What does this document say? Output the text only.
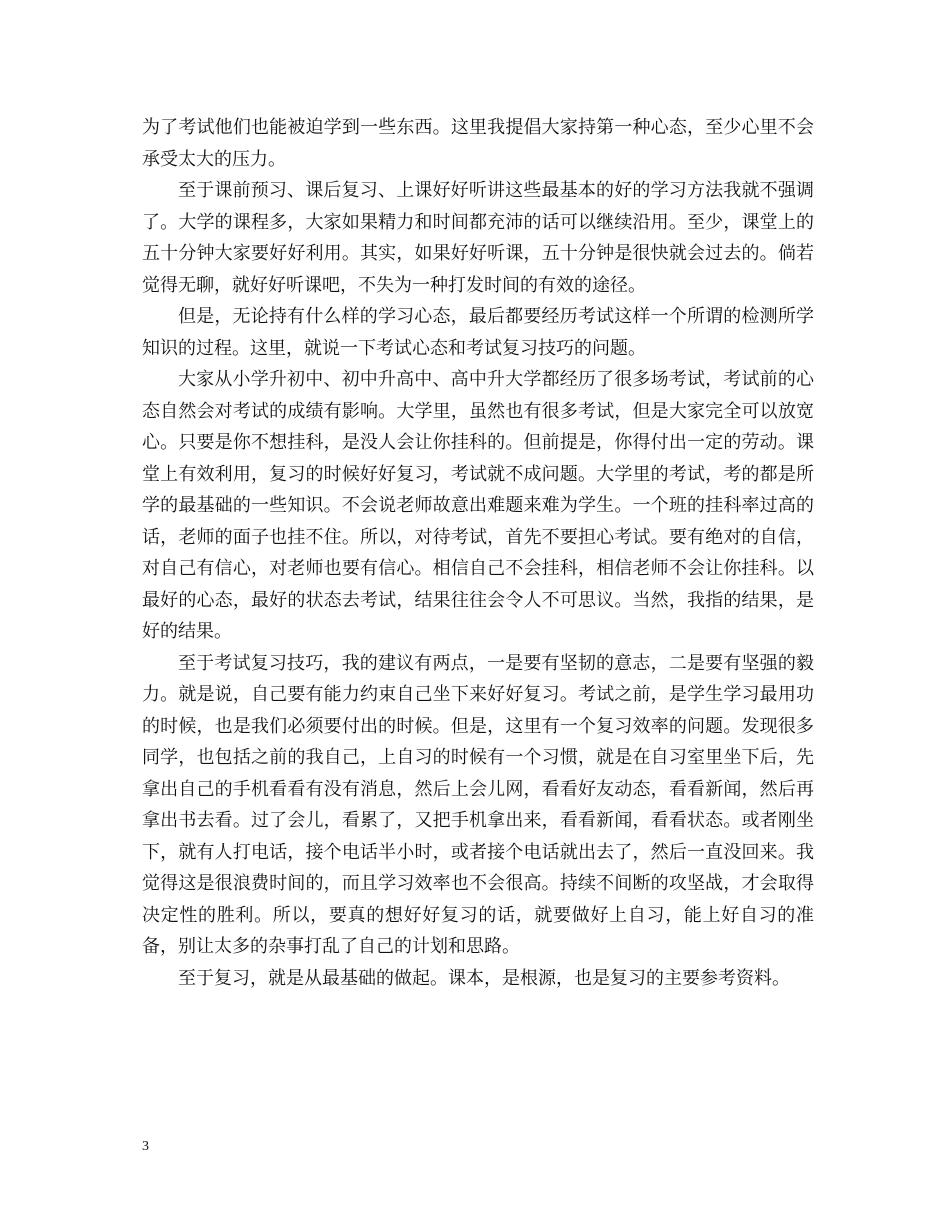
为了考试他们也能被迫学到一些东西。这里我提倡大家持第一种心态，至少心里不会承受太大的压力。

至于课前预习、课后复习、上课好好听讲这些最基本的好的学习方法我就不强调了。大学的课程多，大家如果精力和时间都充沛的话可以继续沿用。至少，课堂上的五十分钟大家要好好利用。其实，如果好好听课，五十分钟是很快就会过去的。倘若觉得无聊，就好好听课吧，不失为一种打发时间的有效的途径。

但是，无论持有什么样的学习心态，最后都要经历考试这样一个所谓的检测所学知识的过程。这里，就说一下考试心态和考试复习技巧的问题。

大家从小学升初中、初中升高中、高中升大学都经历了很多场考试，考试前的心态自然会对考试的成绩有影响。大学里，虽然也有很多考试，但是大家完全可以放宽心。只要是你不想挂科，是没人会让你挂科的。但前提是，你得付出一定的劳动。课堂上有效利用，复习的时候好好复习，考试就不成问题。大学里的考试，考的都是所学的最基础的一些知识。不会说老师故意出难题来难为学生。一个班的挂科率过高的话，老师的面子也挂不住。所以，对待考试，首先不要担心考试。要有绝对的自信，对自己有信心，对老师也要有信心。相信自己不会挂科，相信老师不会让你挂科。以最好的心态，最好的状态去考试，结果往往会令人不可思议。当然，我指的结果，是好的结果。

至于考试复习技巧，我的建议有两点，一是要有坚韧的意志，二是要有坚强的毅力。就是说，自己要有能力约束自己坐下来好好复习。考试之前，是学生学习最用功的时候，也是我们必须要付出的时候。但是，这里有一个复习效率的问题。发现很多同学，也包括之前的我自己，上自习的时候有一个习惯，就是在自习室里坐下后，先拿出自己的手机看看有没有消息，然后上会儿网，看看好友动态，看看新闻，然后再拿出书去看。过了会儿，看累了，又把手机拿出来，看看新闻，看看状态。或者刚坐下，就有人打电话，接个电话半小时，或者接个电话就出去了，然后一直没回来。我觉得这是很浪费时间的，而且学习效率也不会很高。持续不间断的攻坚战，才会取得决定性的胜利。所以，要真的想好好复习的话，就要做好上自习，能上好自习的准备，别让太多的杂事打乱了自己的计划和思路。

至于复习，就是从最基础的做起。课本，是根源，也是复习的主要参考资料。

3
